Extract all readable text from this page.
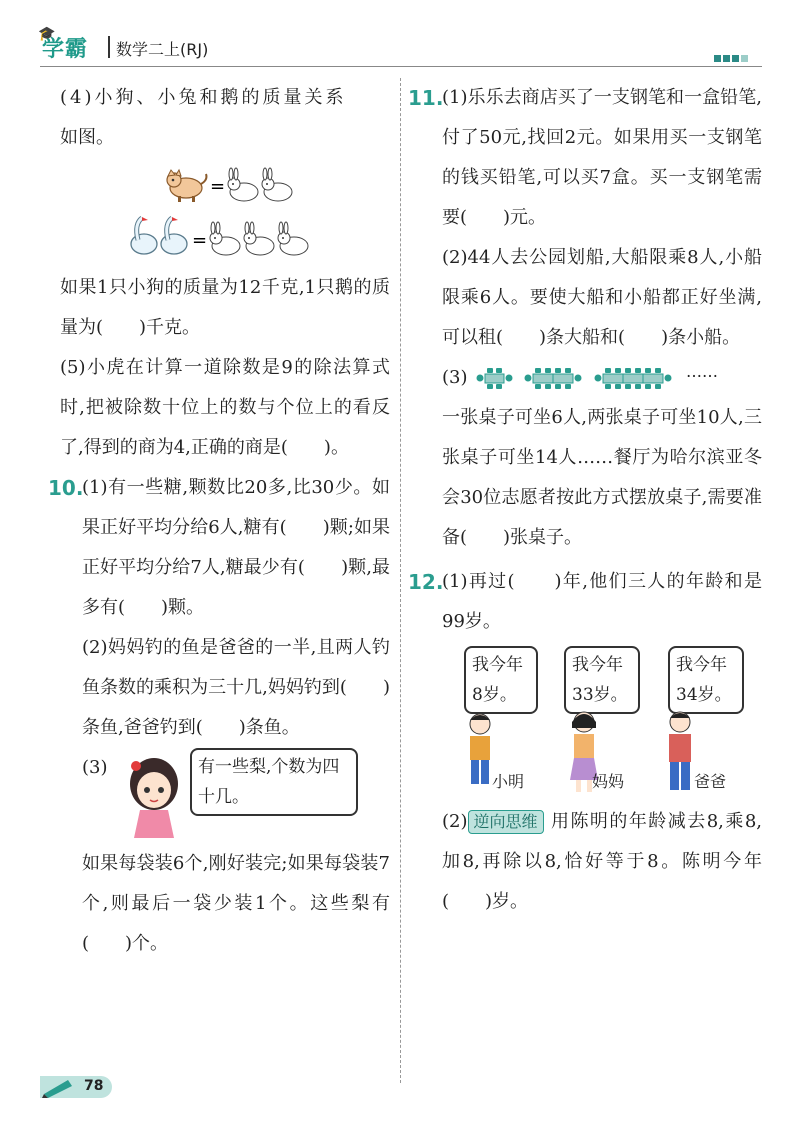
🎓
学霸 数学二上(RJ)

(4)小狗、小兔和鹅的质量关系

如图。

=
=

如果1只小狗的质量为12千克,1只鹅的质量为(　　)千克。

(5)小虎在计算一道除数是9的除法算式时,把被除数十位上的数与个位上的看反了,得到的商为4,正确的商是(　　)。

10.

(1)有一些糖,颗数比20多,比30少。如果正好平均分给6人,糖有(　　)颗;如果正好平均分给7人,糖最少有(　　)颗,最多有(　　)颗。

(2)妈妈钓的鱼是爸爸的一半,且两人钓鱼条数的乘积为三十几,妈妈钓到(　　)条鱼,爸爸钓到(　　)条鱼。

(3)	有一些梨,个数为四十几。

如果每袋装6个,刚好装完;如果每袋装7个,则最后一袋少装1个。这些梨有(　　)个。

11.

(1)乐乐去商店买了一支钢笔和一盒铅笔,付了50元,找回2元。如果用买一支钢笔的钱买铅笔,可以买7盒。买一支钢笔需要(　　)元。

(2)44人去公园划船,大船限乘8人,小船限乘6人。要使大船和小船都正好坐满,可以租(　　)条大船和(　　)条小船。

(3)	……

一张桌子可坐6人,两张桌子可坐10人,三张桌子可坐14人……餐厅为哈尔滨亚冬会30位志愿者按此方式摆放桌子,需要准备(　　)张桌子。

12.

(1)再过(　　)年,他们三人的年龄和是99岁。

我今年8岁。
我今年33岁。
我今年34岁。
小明	妈妈	爸爸

(2) 逆向思维 用陈明的年龄减去8,乘8,加8,再除以8,恰好等于8。陈明今年(　　)岁。

78
